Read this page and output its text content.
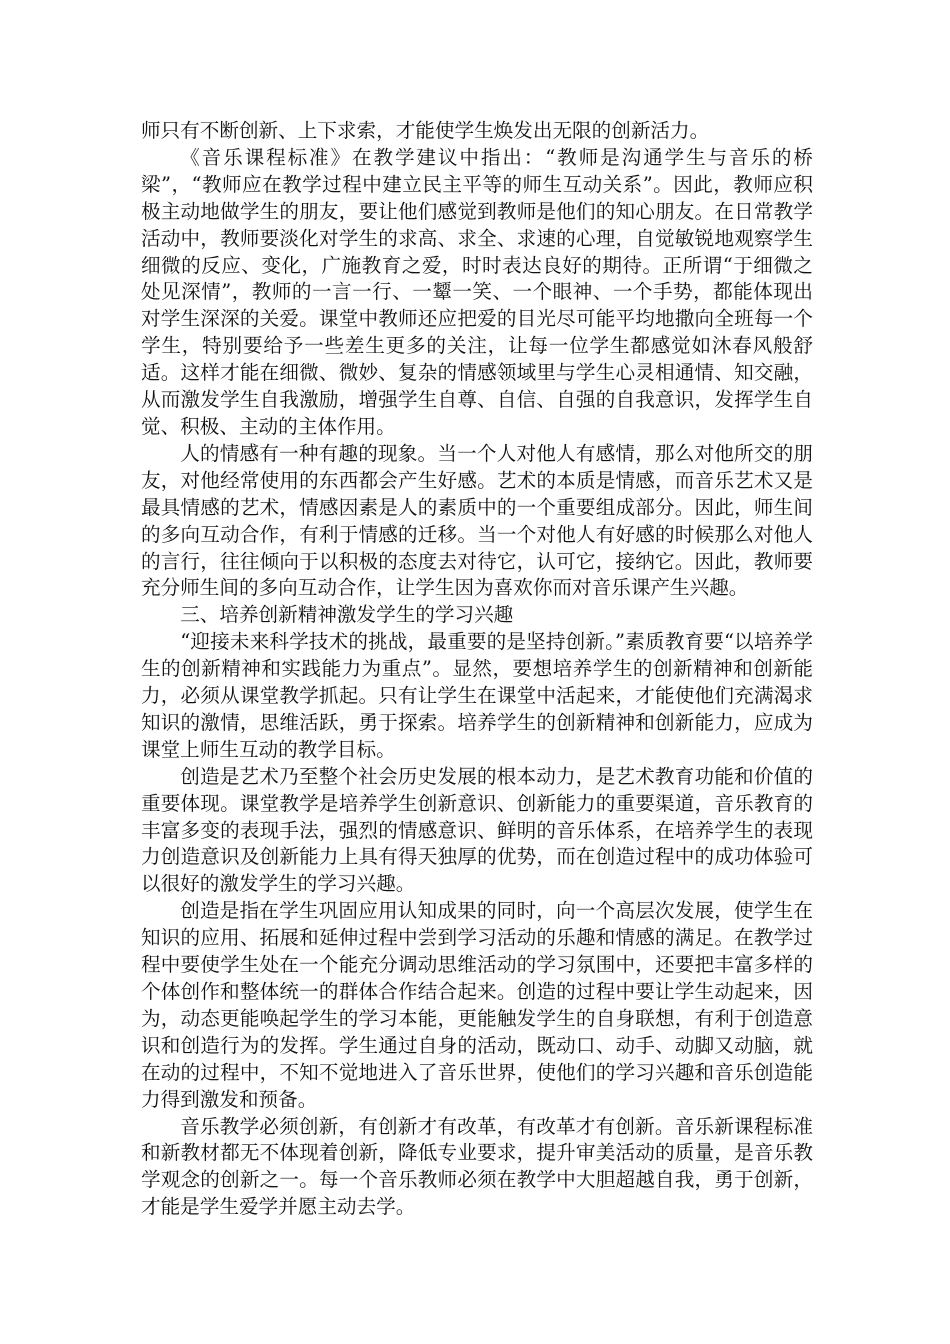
师只有不断创新、上下求索，才能使学生焕发出无限的创新活力。

《音乐课程标准》在教学建议中指出：“教师是沟通学生与音乐的桥梁”，“教师应在教学过程中建立民主平等的师生互动关系”。因此，教师应积极主动地做学生的朋友，要让他们感觉到教师是他们的知心朋友。在日常教学活动中，教师要淡化对学生的求高、求全、求速的心理，自觉敏锐地观察学生细微的反应、变化，广施教育之爱，时时表达良好的期待。正所谓“于细微之处见深情”，教师的一言一行、一颦一笑、一个眼神、一个手势，都能体现出对学生深深的关爱。课堂中教师还应把爱的目光尽可能平均地撒向全班每一个学生，特别要给予一些差生更多的关注，让每一位学生都感觉如沐春风般舒适。这样才能在细微、微妙、复杂的情感领域里与学生心灵相通情、知交融，从而激发学生自我激励，增强学生自尊、自信、自强的自我意识，发挥学生自觉、积极、主动的主体作用。

人的情感有一种有趣的现象。当一个人对他人有感情，那么对他所交的朋友，对他经常使用的东西都会产生好感。艺术的本质是情感，而音乐艺术又是最具情感的艺术，情感因素是人的素质中的一个重要组成部分。因此，师生间的多向互动合作，有利于情感的迁移。当一个对他人有好感的时候那么对他人的言行，往往倾向于以积极的态度去对待它，认可它，接纳它。因此，教师要充分师生间的多向互动合作，让学生因为喜欢你而对音乐课产生兴趣。

三、培养创新精神激发学生的学习兴趣

“迎接未来科学技术的挑战，最重要的是坚持创新。”素质教育要“以培养学生的创新精神和实践能力为重点”。显然，要想培养学生的创新精神和创新能力，必须从课堂教学抓起。只有让学生在课堂中活起来，才能使他们充满渴求知识的激情，思维活跃，勇于探索。培养学生的创新精神和创新能力，应成为课堂上师生互动的教学目标。

创造是艺术乃至整个社会历史发展的根本动力，是艺术教育功能和价值的重要体现。课堂教学是培养学生创新意识、创新能力的重要渠道，音乐教育的丰富多变的表现手法，强烈的情感意识、鲜明的音乐体系，在培养学生的表现力创造意识及创新能力上具有得天独厚的优势，而在创造过程中的成功体验可以很好的激发学生的学习兴趣。

创造是指在学生巩固应用认知成果的同时，向一个高层次发展，使学生在知识的应用、拓展和延伸过程中尝到学习活动的乐趣和情感的满足。在教学过程中要使学生处在一个能充分调动思维活动的学习氛围中，还要把丰富多样的个体创作和整体统一的群体合作结合起来。创造的过程中要让学生动起来，因为，动态更能唤起学生的学习本能，更能触发学生的自身联想，有利于创造意识和创造行为的发挥。学生通过自身的活动，既动口、动手、动脚又动脑，就在动的过程中，不知不觉地进入了音乐世界，使他们的学习兴趣和音乐创造能力得到激发和预备。

音乐教学必须创新，有创新才有改革，有改革才有创新。音乐新课程标准和新教材都无不体现着创新，降低专业要求，提升审美活动的质量，是音乐教学观念的创新之一。每一个音乐教师必须在教学中大胆超越自我，勇于创新，才能是学生爱学并愿主动去学。
